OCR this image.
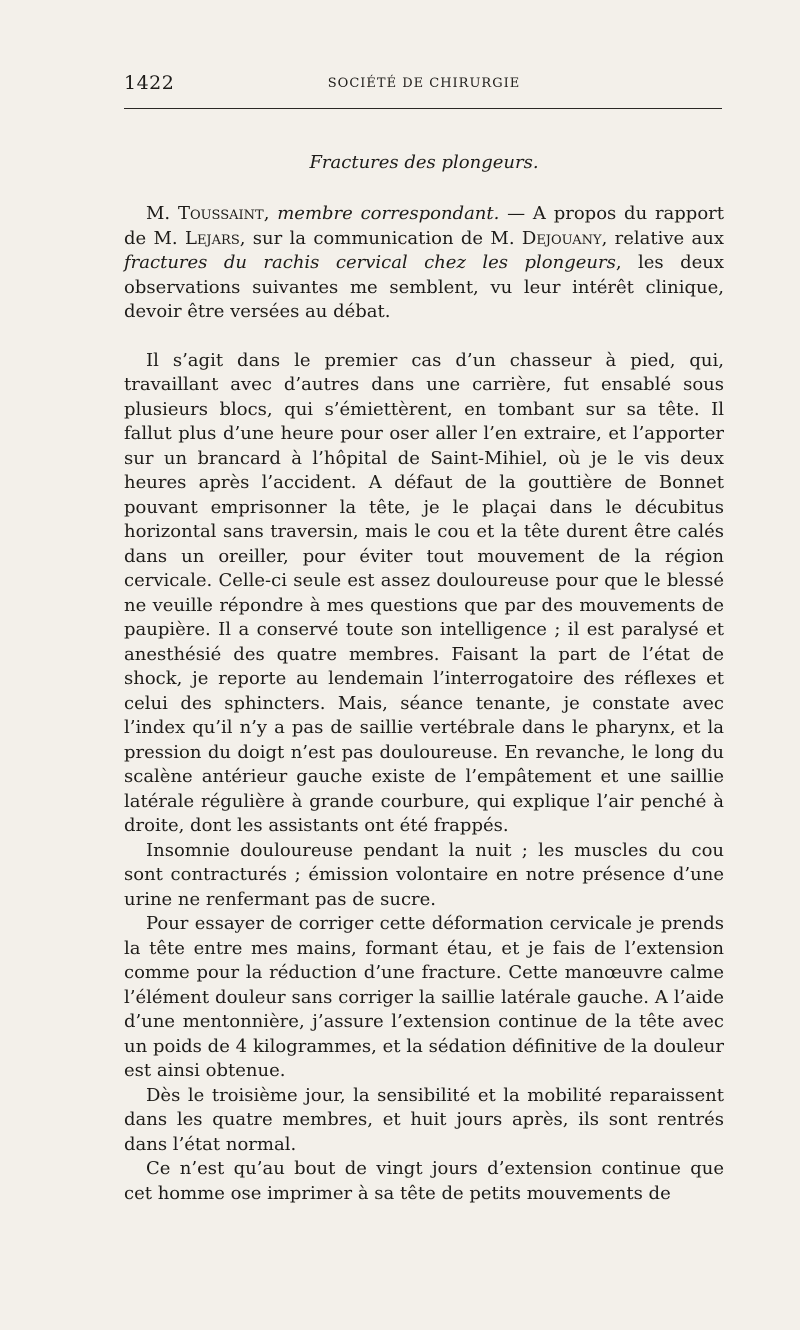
1422	SOCIÉTÉ DE CHIRURGIE
Fractures des plongeurs.

M. Toussaint, membre correspondant. — A propos du rapport de M. Lejars, sur la communication de M. Dejouany, relative aux fractures du rachis cervical chez les plongeurs, les deux observations suivantes me semblent, vu leur intérêt clinique, devoir être versées au débat.

Il s’agit dans le premier cas d’un chasseur à pied, qui, travaillant avec d’autres dans une carrière, fut ensablé sous plusieurs blocs, qui s’émiettèrent, en tombant sur sa tête. Il fallut plus d’une heure pour oser aller l’en extraire, et l’apporter sur un brancard à l’hôpital de Saint-Mihiel, où je le vis deux heures après l’accident. A défaut de la gouttière de Bonnet pouvant emprisonner la tête, je le plaçai dans le décubitus horizontal sans traversin, mais le cou et la tête durent être calés dans un oreiller, pour éviter tout mouvement de la région cervicale. Celle-ci seule est assez douloureuse pour que le blessé ne veuille répondre à mes questions que par des mouvements de paupière. Il a conservé toute son intelligence ; il est paralysé et anesthésié des quatre membres. Faisant la part de l’état de shock, je reporte au lendemain l’interrogatoire des réflexes et celui des sphincters. Mais, séance tenante, je constate avec l’index qu’il n’y a pas de saillie vertébrale dans le pharynx, et la pression du doigt n’est pas douloureuse. En revanche, le long du scalène antérieur gauche existe de l’empâtement et une saillie latérale régulière à grande courbure, qui explique l’air penché à droite, dont les assistants ont été frappés.

Insomnie douloureuse pendant la nuit ; les muscles du cou sont contracturés ; émission volontaire en notre présence d’une urine ne renfermant pas de sucre.

Pour essayer de corriger cette déformation cervicale je prends la tête entre mes mains, formant étau, et je fais de l’extension comme pour la réduction d’une fracture. Cette manœuvre calme l’élément douleur sans corriger la saillie latérale gauche. A l’aide d’une mentonnière, j’assure l’extension continue de la tête avec un poids de 4 kilogrammes, et la sédation définitive de la douleur est ainsi obtenue.

Dès le troisième jour, la sensibilité et la mobilité reparaissent dans les quatre membres, et huit jours après, ils sont rentrés dans l’état normal.

Ce n’est qu’au bout de vingt jours d’extension continue que cet homme ose imprimer à sa tête de petits mouvements de
